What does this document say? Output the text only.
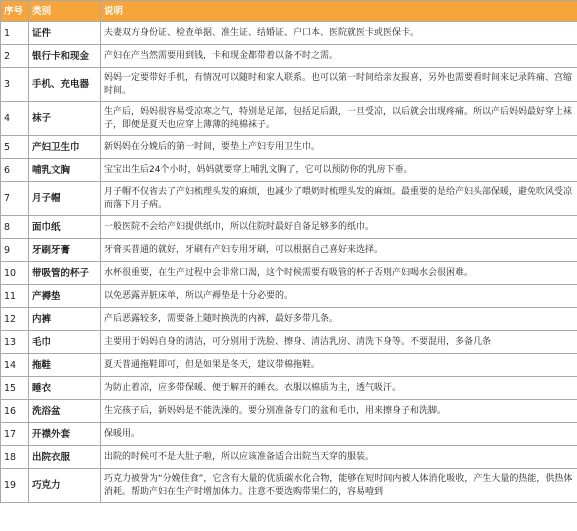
序号	类别	说明
1	证件	夫妻双方身份证、检查单据、准生证、结婚证、户口本、医院就医卡或医保卡。
2	银行卡和现金	产妇在产当然需要用到钱，卡和现金都带着以备不时之需。
3	手机、充电器	妈妈一定要带好手机，有情况可以随时和家人联系。也可以第一时间给亲友报喜，另外也需要看时间来记录阵痛、宫缩时间。
4	袜子	生产后，妈妈很容易受凉寒之气，特别是足部，包括足后跟，一旦受凉，以后就会出现疼痛。所以产后妈妈最好穿上袜子，即便是夏天也应穿上薄薄的纯棉袜子。
5	产妇卫生巾	新妈妈在分娩后的第一时间，要垫上产妇专用卫生巾。
6	哺乳文胸	宝宝出生后24个小时，妈妈就要穿上哺乳文胸了，它可以预防你的乳房下垂。
7	月子帽	月子帽不仅省去了产妇梳理头发的麻烦，也减少了喂奶时梳理头发的麻烦。最重要的是给产妇头部保暖，避免吹风受凉而落下月子病。
8	面巾纸	一般医院不会给产妇提供纸巾，所以住院时最好自备足够多的纸巾。
9	牙刷牙膏	牙膏买普通的就好，牙刷有产妇专用牙刷，可以根据自己喜好来选择。
10	带吸管的杯子	水杯很重要，在生产过程中会非常口渴，这个时候需要有吸管的杯子否则产妇喝水会很困难。
11	产褥垫	以免恶露弄脏床单，所以产褥垫是十分必要的。
12	内裤	产后恶露较多，需要备上随时换洗的内裤，最好多带几条。
13	毛巾	主要用于妈妈自身的清洁，可分别用于洗脸、擦身、清洁乳房、清洗下身等。不要混用，多备几条
14	拖鞋	夏天普通拖鞋即可，但是如果是冬天，建议带棉拖鞋。
15	睡衣	为防止着凉，应多带保暖、便于解开的睡衣。衣服以棉质为主，透气吸汗。
16	洗浴盆	生完孩子后，新妈妈是不能洗澡的。要分别准备专门的盆和毛巾，用来擦身子和洗脚。
17	开襟外套	保暖用。
18	出院衣服	出院的时候可不是大肚子啦，所以应该准备适合出院当天穿的服装。
19	巧克力	巧克力被誉为“分娩佳食”，它含有大量的优质碳水化合物，能够在短时间内被人体消化吸收，产生大量的热能，供热体消耗。帮助产妇在生产时增加体力。注意不要选购带果仁的，容易噎到
